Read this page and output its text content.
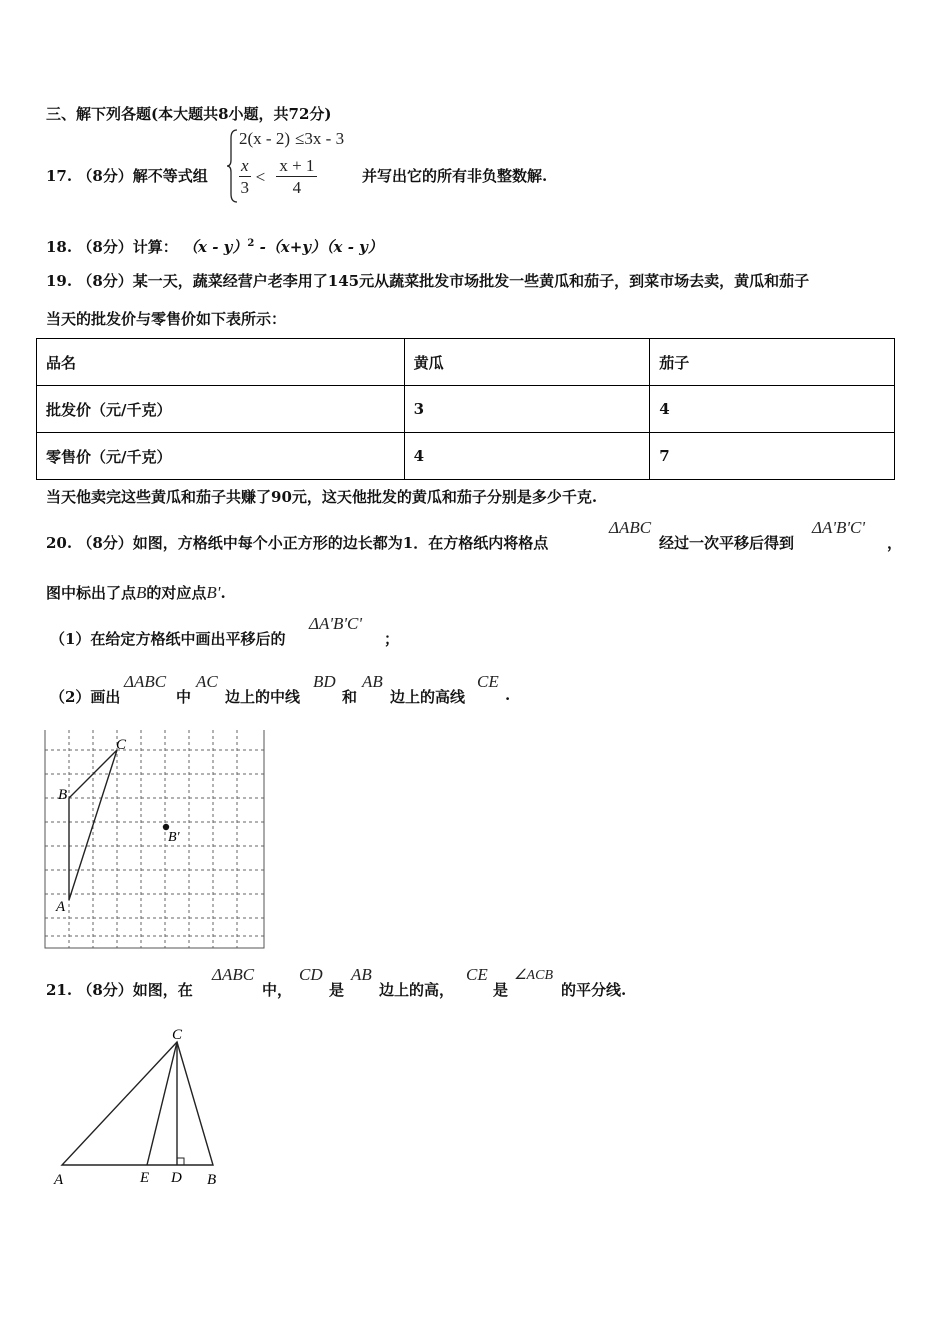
三、解下列各题(本大题共8小题，共72分)
17. （8分）解不等式组
2(x - 2) ≤3x - 3
$\frac{x}{3} < \frac{x + 1}{4}$	并写出它的所有非负整数解.
18. （8分）计算： （x - y）$^2$ -（x+y）（x - y）
19. （8分）某一天，蔬菜经营户老李用了145元从蔬菜批发市场批发一些黄瓜和茄子，到菜市场去卖，黄瓜和茄子
当天的批发价与零售价如下表所示：
品名	黄瓜	茄子
批发价（元/千克）	3	4
零售价（元/千克）	4	7
当天他卖完这些黄瓜和茄子共赚了90元，这天他批发的黄瓜和茄子分别是多少千克.
20. （8分）如图，方格纸中每个小正方形的边长都为1．在方格纸内将格点
ΔABC
经过一次平移后得到
ΔA'B'C'
，
图中标出了点B的对应点B'.
（1）在给定方格纸中画出平移后的
ΔA'B'C'
；
（2）画出
ΔABC
中
AC
边上的中线
BD
和
AB
边上的高线
CE
.
A
B
C
B'
21. （8分）如图，在
ΔABC
中，
CD
是
AB
边上的高，
CE
是
∠ACB
的平分线.
A	E D B
C
